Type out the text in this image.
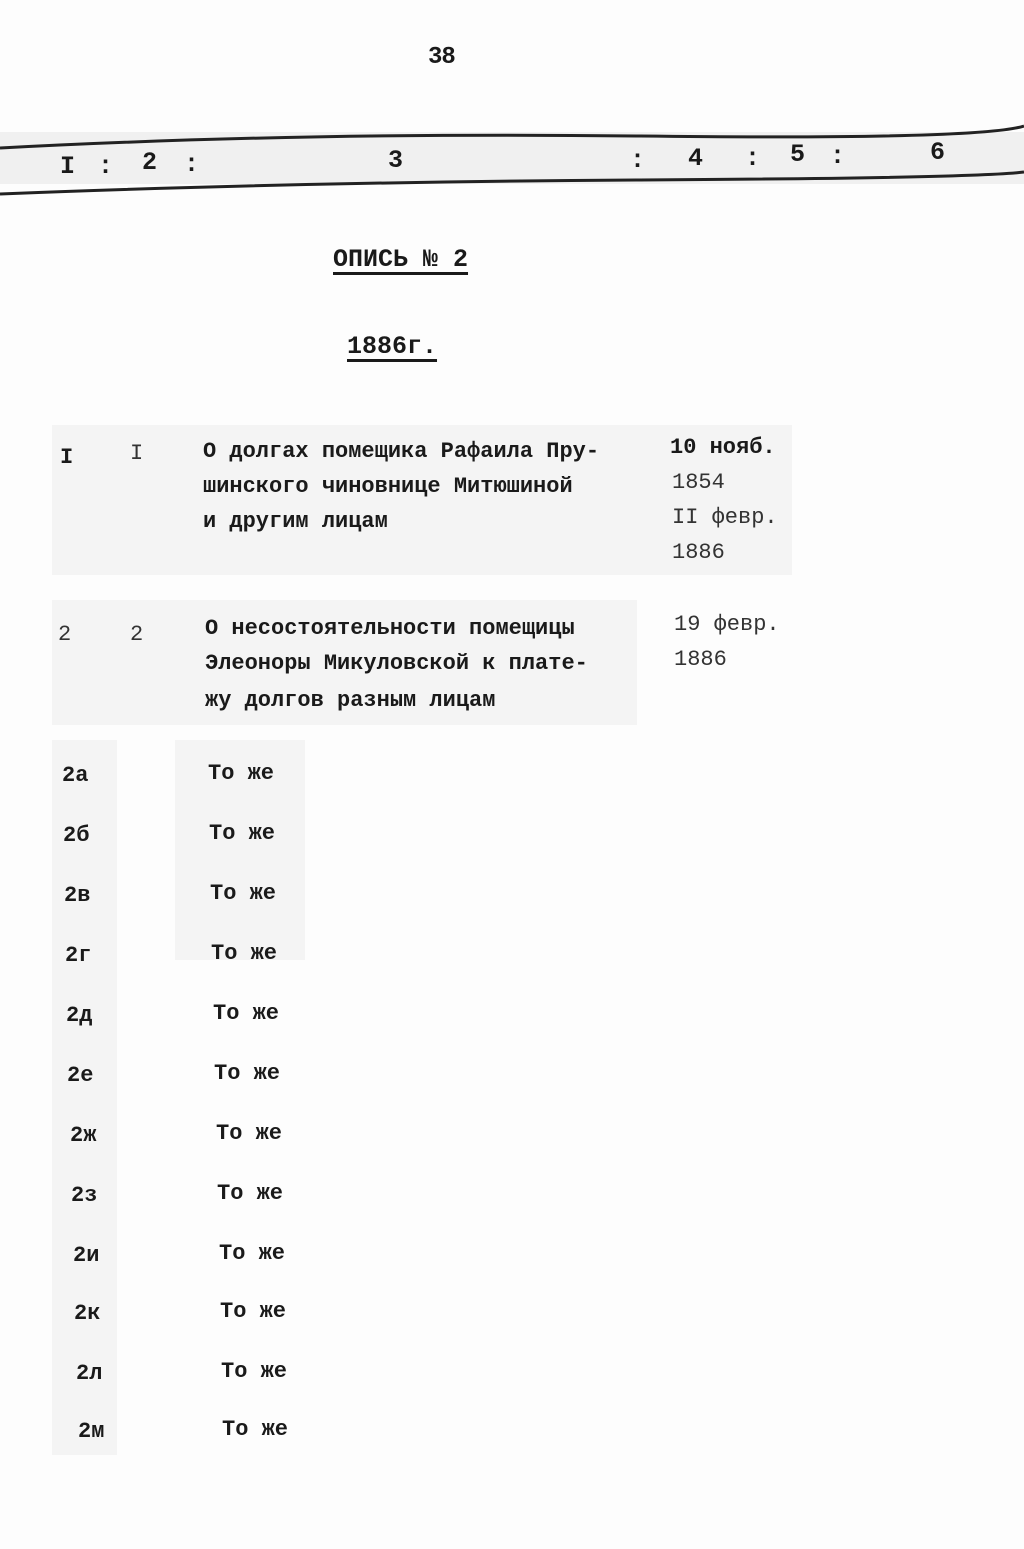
38
I : 2 :	3	: 4 : 5 :	6
ОПИСЬ № 2
1886г.
I	I	О долгах помещика Рафаила Пру-
шинского чиновнице Митюшиной
и другим лицам
10 нояб.
1854
II февр.
1886
2	2	О несостоятельности помещицы
Элеоноры Микуловской к плате-
жу долгов разным лицам
19 февр.
1886
2а	То же
2б	То же
2в	То же
2г	То же
2д	То же
2е	То же
2ж	То же
2з	То же
2и	То же
2к	То же
2л	То же
2м	То же
